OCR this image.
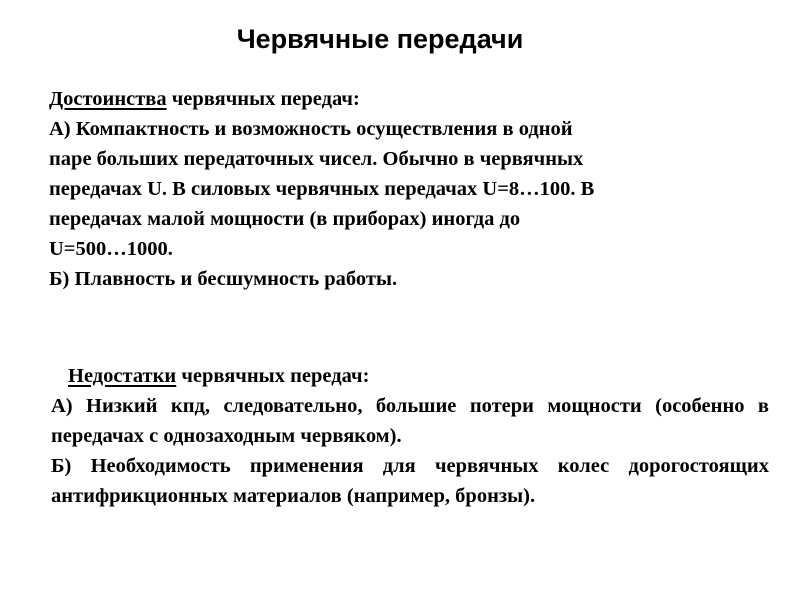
Червячные передачи

Достоинства червячных передач:

А) Компактность и возможность осуществления в одной
паре больших передаточных чисел. Обычно в червячных
передачах U. В силовых червячных передачах U=8…100. В
передачах малой мощности (в приборах) иногда до
U=500…1000.

Б) Плавность и бесшумность работы.

Недостатки червячных передач:

А) Низкий кпд, следовательно, большие потери мощности (особенно в передачах с однозаходным червяком).

Б) Необходимость применения для червячных колес дорогостоящих антифрикционных материалов (например, бронзы).
